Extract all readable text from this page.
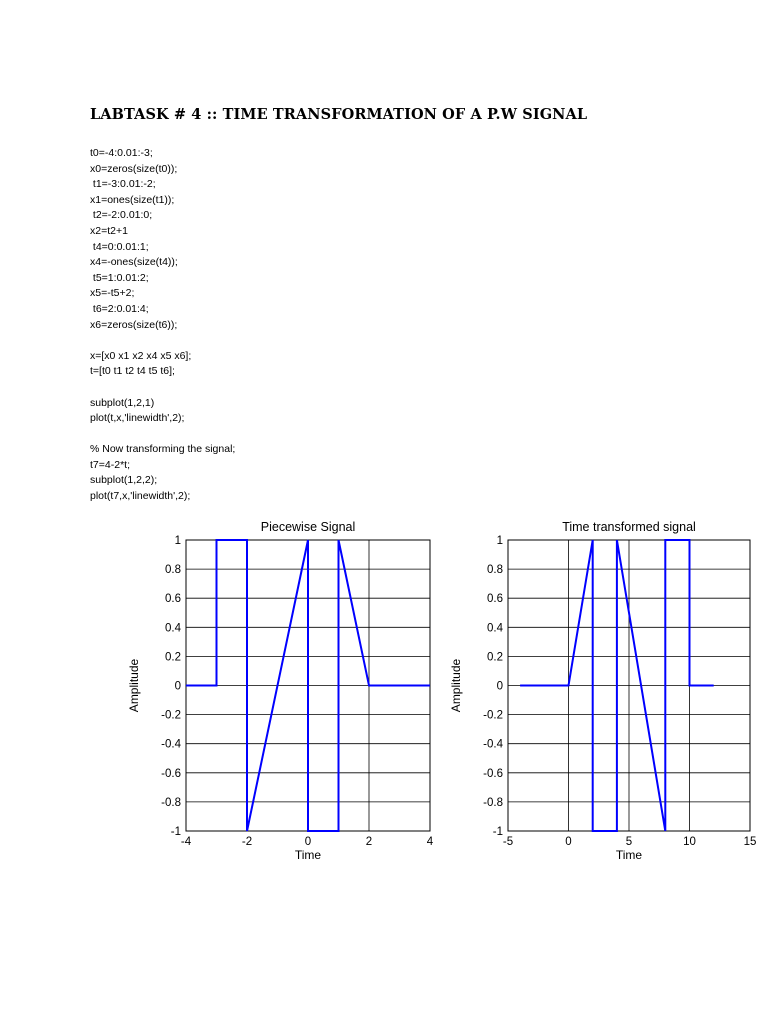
LABTASK # 4 :: TIME TRANSFORMATION OF A P.W SIGNAL
t0=-4:0.01:-3;
x0=zeros(size(t0));
t1=-3:0.01:-2;
x1=ones(size(t1));
t2=-2:0.01:0;
x2=t2+1
t4=0:0.01:1;
x4=-ones(size(t4));
t5=1:0.01:2;
x5=-t5+2;
t6=2:0.01:4;
x6=zeros(size(t6));
x=[x0 x1 x2 x4 x5 x6];
t=[t0 t1 t2 t4 t5 t6];
subplot(1,2,1)
plot(t,x,'linewidth',2);
% Now transforming the signal;
t7=4-2*t;
subplot(1,2,2);
plot(t7,x,'linewidth',2);
-1
-0.8
-0.6
-0.4
-0.2
0
0.2
0.4
0.6
0.8
1
-4	-2	0	2	4
Piecewise Signal
Time
Amplitude
-1
-0.8
-0.6
-0.4
-0.2
0
0.2
0.4
0.6
0.8
1
-5	0	5	10	15
Time transformed signal
Time
Amplitude
